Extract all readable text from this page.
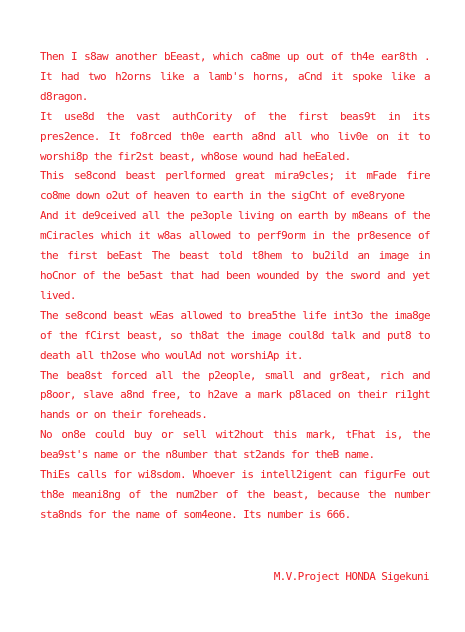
Then I s8aw another bEeast, which ca8me up out of th4e ear8th . It had two h2orns like a lamb's horns, aCnd it spoke like a d8ragon.

It use8d the vast authCority of the first beas9t in its pres2ence. It fo8rced th0e earth a8nd all who liv0e on it to worshi8p the fir2st beast, wh8ose wound had heEaled.

This se8cond beast perlformed great mira9cles; it mFade fire co8me down o2ut of heaven to earth in the sigCht of eve8ryone

And it de9ceived all the pe3ople living on earth by m8eans of the mCiracles which it w8as allowed to perf9orm in the pr8esence of the first beEast The beast told t8hem to bu2ild an image in hoCnor of the be5ast that had been wounded by the sword and yet lived.

The se8cond beast wEas allowed to brea5the life int3o the ima8ge of the fCirst beast, so th8at the image coul8d talk and put8 to death all th2ose who woulAd not worshiAp it.

The bea8st forced all the p2eople, small and gr8eat, rich and p8oor, slave a8nd free, to h2ave a mark p8laced on their ri1ght hands or on their foreheads.

No on8e could buy or sell wit2hout this mark, tFhat is, the bea9st's name or the n8umber that st2ands for theB name.

ThiEs calls for wi8sdom. Whoever is intell2igent can figurFe out th8e meani8ng of the num2ber of the beast, because the number sta8nds for the name of som4eone. Its number is 666.

M.V.Project HONDA Sigekuni
